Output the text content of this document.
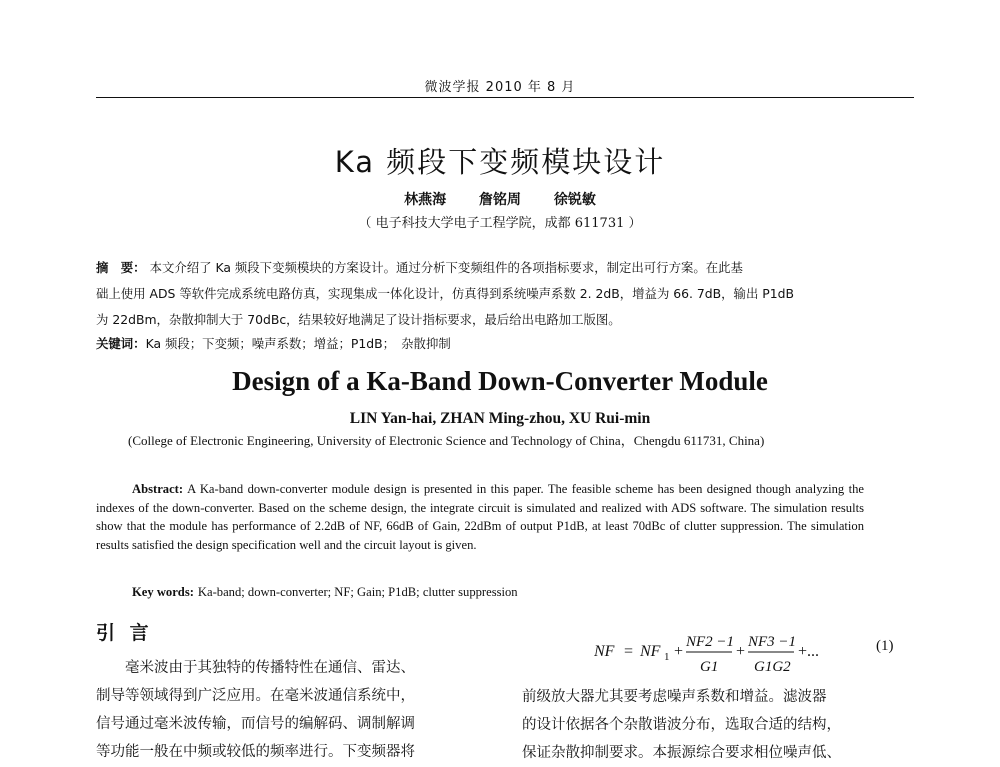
微波学报 2010 年 8 月
Ka 频段下变频模块设计
林燕海 詹铭周 徐锐敏
（ 电子科技大学电子工程学院，成都 611731 ）
摘　要： 本文介绍了 Ka 频段下变频模块的方案设计。通过分析下变频组件的各项指标要求，制定出可行方案。在此基
础上使用 ADS 等软件完成系统电路仿真，实现集成一体化设计，仿真得到系统噪声系数 2. 2dB，增益为 66. 7dB，输出 P1dB
为 22dBm，杂散抑制大于 70dBc，结果较好地满足了设计指标要求，最后给出电路加工版图。
关键词：Ka 频段；下变频；噪声系数；增益；P1dB；　杂散抑制
Design of a Ka-Band Down-Converter Module
LIN Yan-hai, ZHAN Ming-zhou, XU Rui-min
(College of Electronic Engineering, University of Electronic Science and Technology of China，Chengdu 611731, China)
Abstract: A Ka-band down-converter module design is presented in this paper. The feasible scheme has been designed though analyzing the indexes of the down-converter. Based on the scheme design, the integrate circuit is simulated and realized with ADS software. The simulation results show that the module has performance of 2.2dB of NF, 66dB of Gain, 22dBm of output P1dB, at least 70dBc of clutter suppression. The simulation results satisfied the design specification well and the circuit layout is given.
Key words: Ka-band; down-converter; NF; Gain; P1dB; clutter suppression
引 言
毫米波由于其独特的传播特性在通信、雷达、
制导等领域得到广泛应用。在毫米波通信系统中，
信号通过毫米波传输，而信号的编解码、调制解调
等功能一般在中频或较低的频率进行。下变频器将
NF = NF 1 +
NF2 −1
G1
+
NF3 −1
G1G2
+...	(1)
前级放大器尤其要考虑噪声系数和增益。滤波器
的设计依据各个杂散谐波分布，选取合适的结构，
保证杂散抑制要求。本振源综合要求相位噪声低、
